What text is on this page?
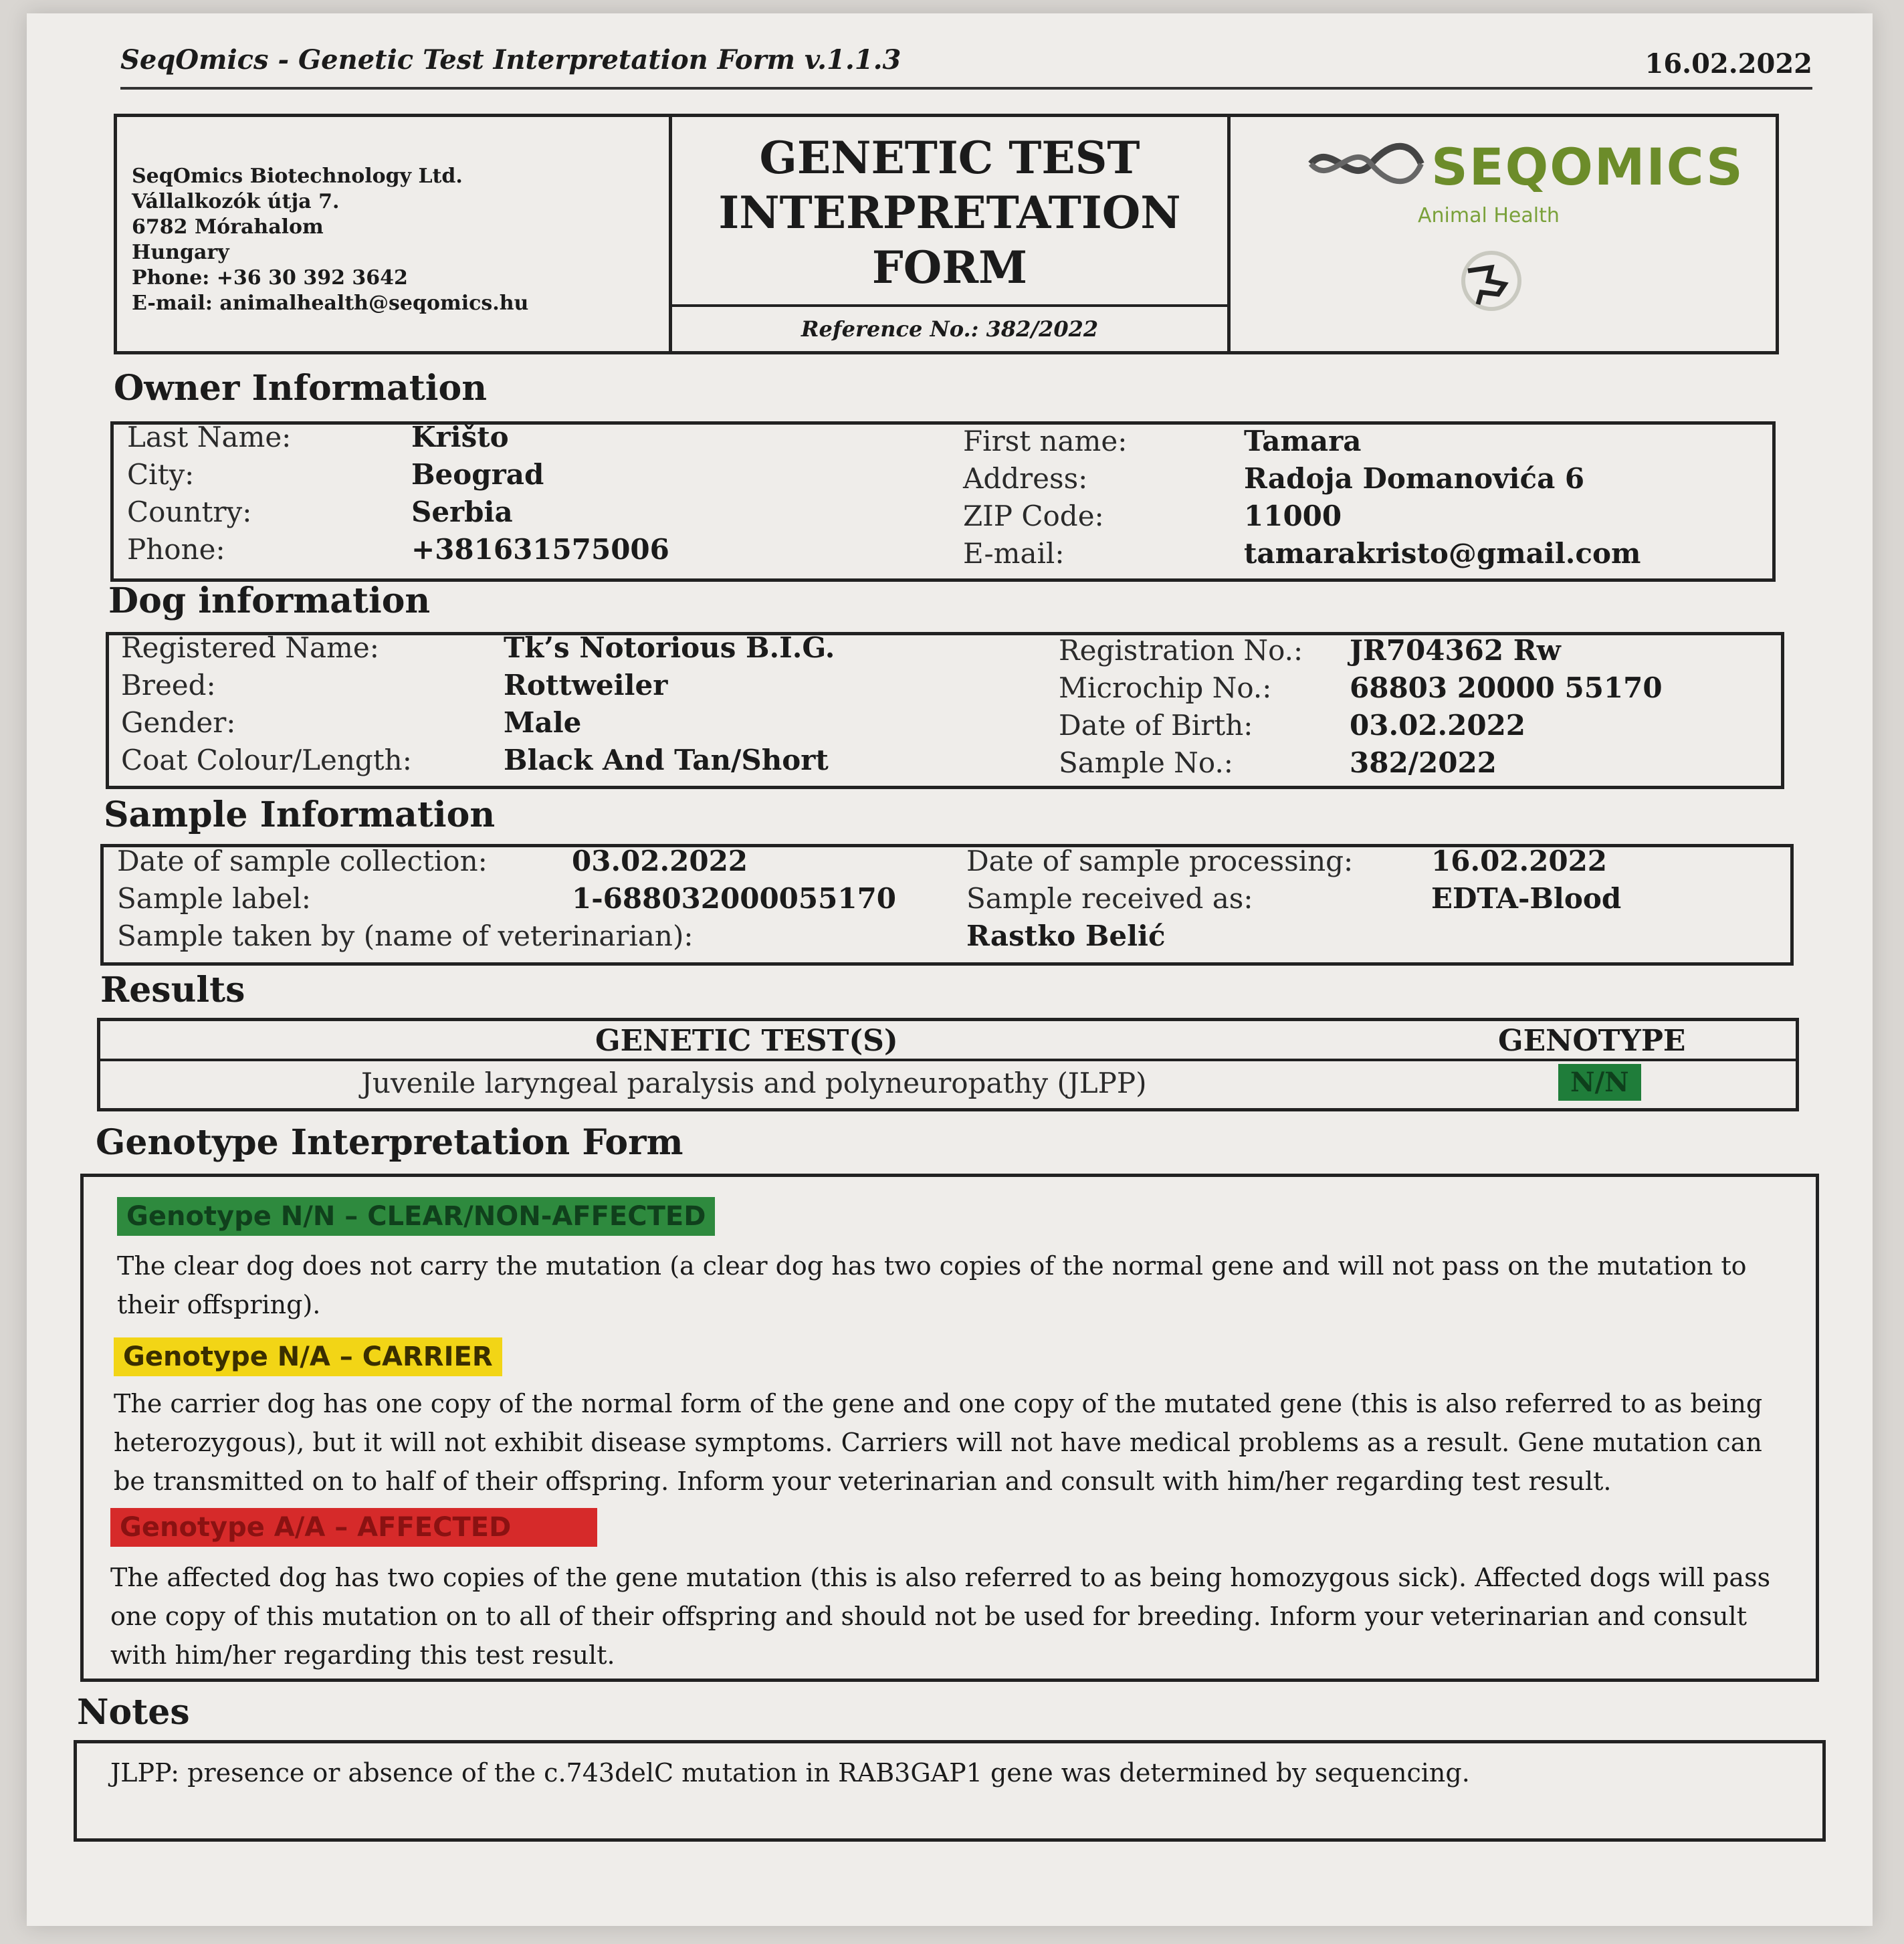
SeqOmics - Genetic Test Interpretation Form v.1.1.3	16.02.2022
SeqOmics Biotechnology Ltd.
Vállalkozók útja 7.
6782 Mórahalom
Hungary
Phone: +36 30 392 3642
E-mail: animalhealth@seqomics.hu
GENETIC TEST
INTERPRETATION
FORM
Reference No.: 382/2022
SEQOMICS
Animal Health
Owner Information
Last Name:	Krišto	First name:	Tamara
City:	Beograd	Address:	Radoja Domanovića 6
Country:	Serbia	ZIP Code:	11000
Phone:	+381631575006	E-mail:	tamarakristo@gmail.com
Dog information
Registered Name:	Tk’s Notorious B.I.G.	Registration No.: JR704362 Rw
Breed:	Rottweiler	Microchip No.:	68803 20000 55170
Gender:	Male	Date of Birth:	03.02.2022
Coat Colour/Length:	Black And Tan/Short	Sample No.:	382/2022
Sample Information
Date of sample collection:	03.02.2022	Date of sample processing:	16.02.2022
Sample label:	1-688032000055170 Sample received as:	EDTA-Blood
Sample taken by (name of veterinarian):	Rastko Belić
Results
GENETIC TEST(S)	GENOTYPE
Juvenile laryngeal paralysis and polyneuropathy (JLPP)	N/N
Genotype Interpretation Form
Genotype N/N – CLEAR/NON-AFFECTED
The clear dog does not carry the mutation (a clear dog has two copies of the normal gene and will not pass on the mutation to their offspring).
Genotype N/A – CARRIER
The carrier dog has one copy of the normal form of the gene and one copy of the mutated gene (this is also referred to as being heterozygous), but it will not exhibit disease symptoms. Carriers will not have medical problems as a result. Gene mutation can be transmitted on to half of their offspring. Inform your veterinarian and consult with him/her regarding test result.
Genotype A/A – AFFECTED
The affected dog has two copies of the gene mutation (this is also referred to as being homozygous sick). Affected dogs will pass one copy of this mutation on to all of their offspring and should not be used for breeding. Inform your veterinarian and consult with him/her regarding this test result.
Notes
JLPP: presence or absence of the c.743delC mutation in RAB3GAP1 gene was determined by sequencing.
